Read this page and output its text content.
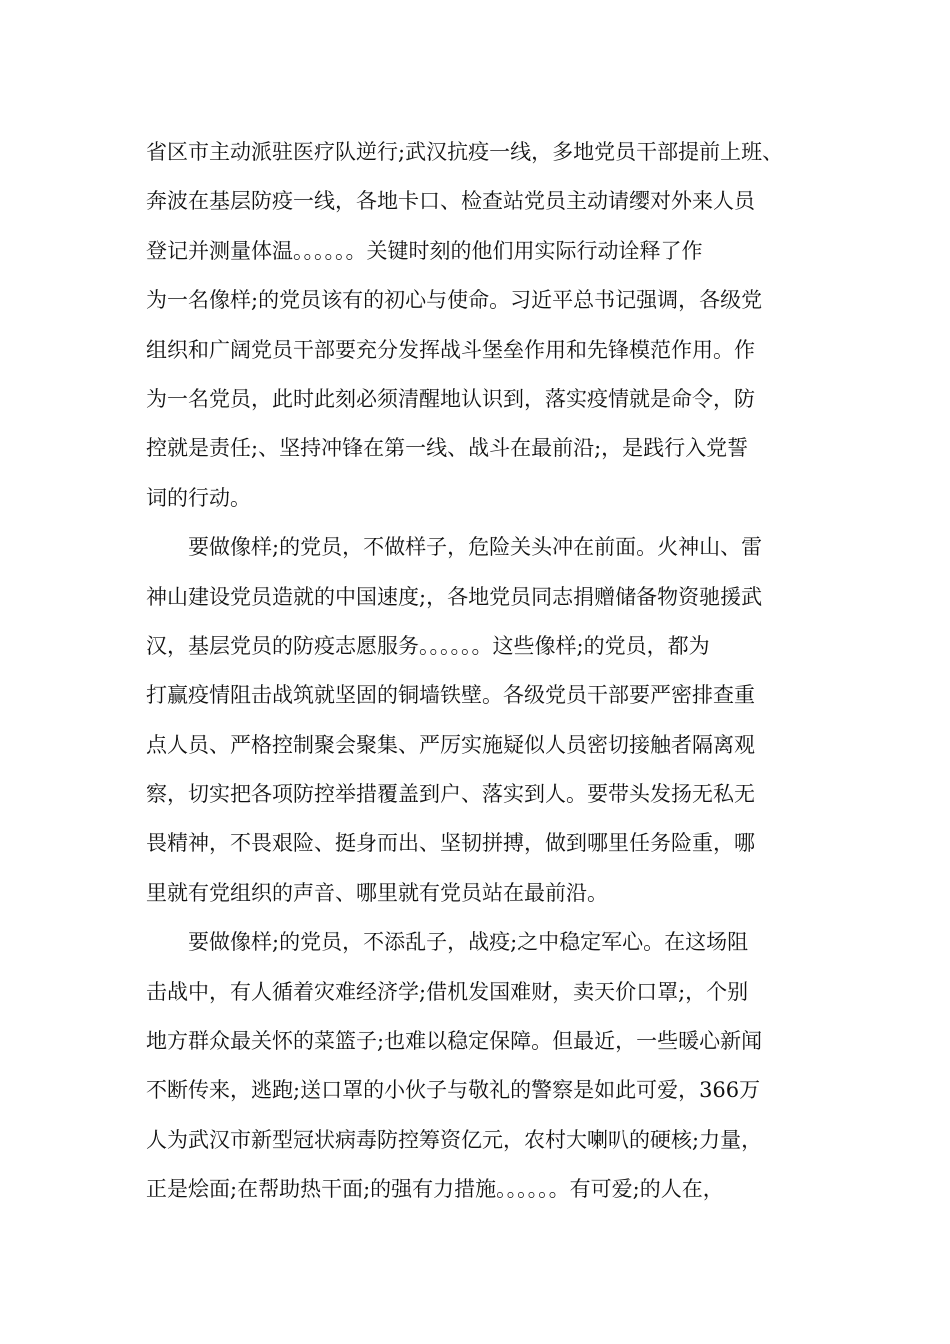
省区市主动派驻医疗队逆行;武汉抗疫一线，多地党员干部提前上班、
奔波在基层防疫一线，各地卡口、检查站党员主动请缨对外来人员
登记并测量体温。。。。。。关键时刻的他们用实际行动诠释了作
为一名像样;的党员该有的初心与使命。习近平总书记强调，各级党
组织和广阔党员干部要充分发挥战斗堡垒作用和先锋模范作用。作
为一名党员，此时此刻必须清醒地认识到，落实疫情就是命令，防
控就是责任;、坚持冲锋在第一线、战斗在最前沿;，是践行入党誓
词的行动。
要做像样;的党员，不做样子，危险关头冲在前面。火神山、雷
神山建设党员造就的中国速度;，各地党员同志捐赠储备物资驰援武
汉，基层党员的防疫志愿服务。。。。。。这些像样;的党员，都为
打赢疫情阻击战筑就坚固的铜墙铁壁。各级党员干部要严密排查重
点人员、严格控制聚会聚集、严厉实施疑似人员密切接触者隔离观
察，切实把各项防控举措覆盖到户、落实到人。要带头发扬无私无
畏精神，不畏艰险、挺身而出、坚韧拼搏，做到哪里任务险重，哪
里就有党组织的声音、哪里就有党员站在最前沿。
要做像样;的党员，不添乱子，战疫;之中稳定军心。在这场阻
击战中，有人循着灾难经济学;借机发国难财，卖天价口罩;，个别
地方群众最关怀的菜篮子;也难以稳定保障。但最近，一些暖心新闻
不断传来，逃跑;送口罩的小伙子与敬礼的警察是如此可爱，366万
人为武汉市新型冠状病毒防控筹资亿元，农村大喇叭的硬核;力量，
正是烩面;在帮助热干面;的强有力措施。。。。。。有可爱;的人在，
